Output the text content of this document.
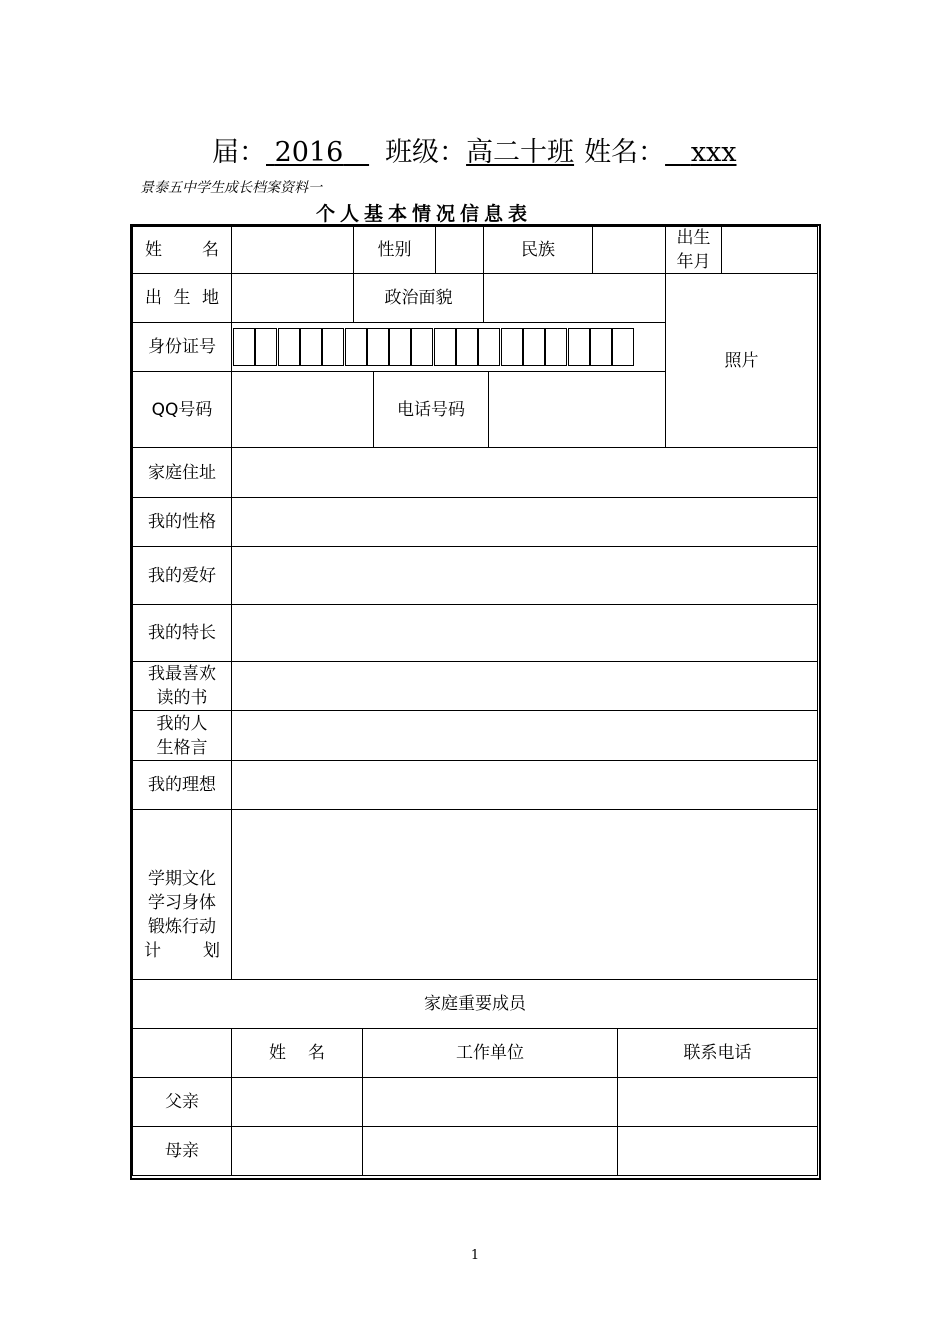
届： 2016 班级：高二十班 姓名： xxx
景泰五中学生成长档案资料一
个人基本情况信息表
姓 名	性别	民族
出生
年月
出 生 地	政治面貌
照片
身份证号
QQ号码	电话号码
家庭住址
我的性格
我的爱好
我的特长
我最喜欢
读的书
我的人
生格言
我的理想
学期文化
学习身体
锻炼行动
计 划
家庭重要成员
姓 名	工作单位	联系电话
父亲
母亲
1
